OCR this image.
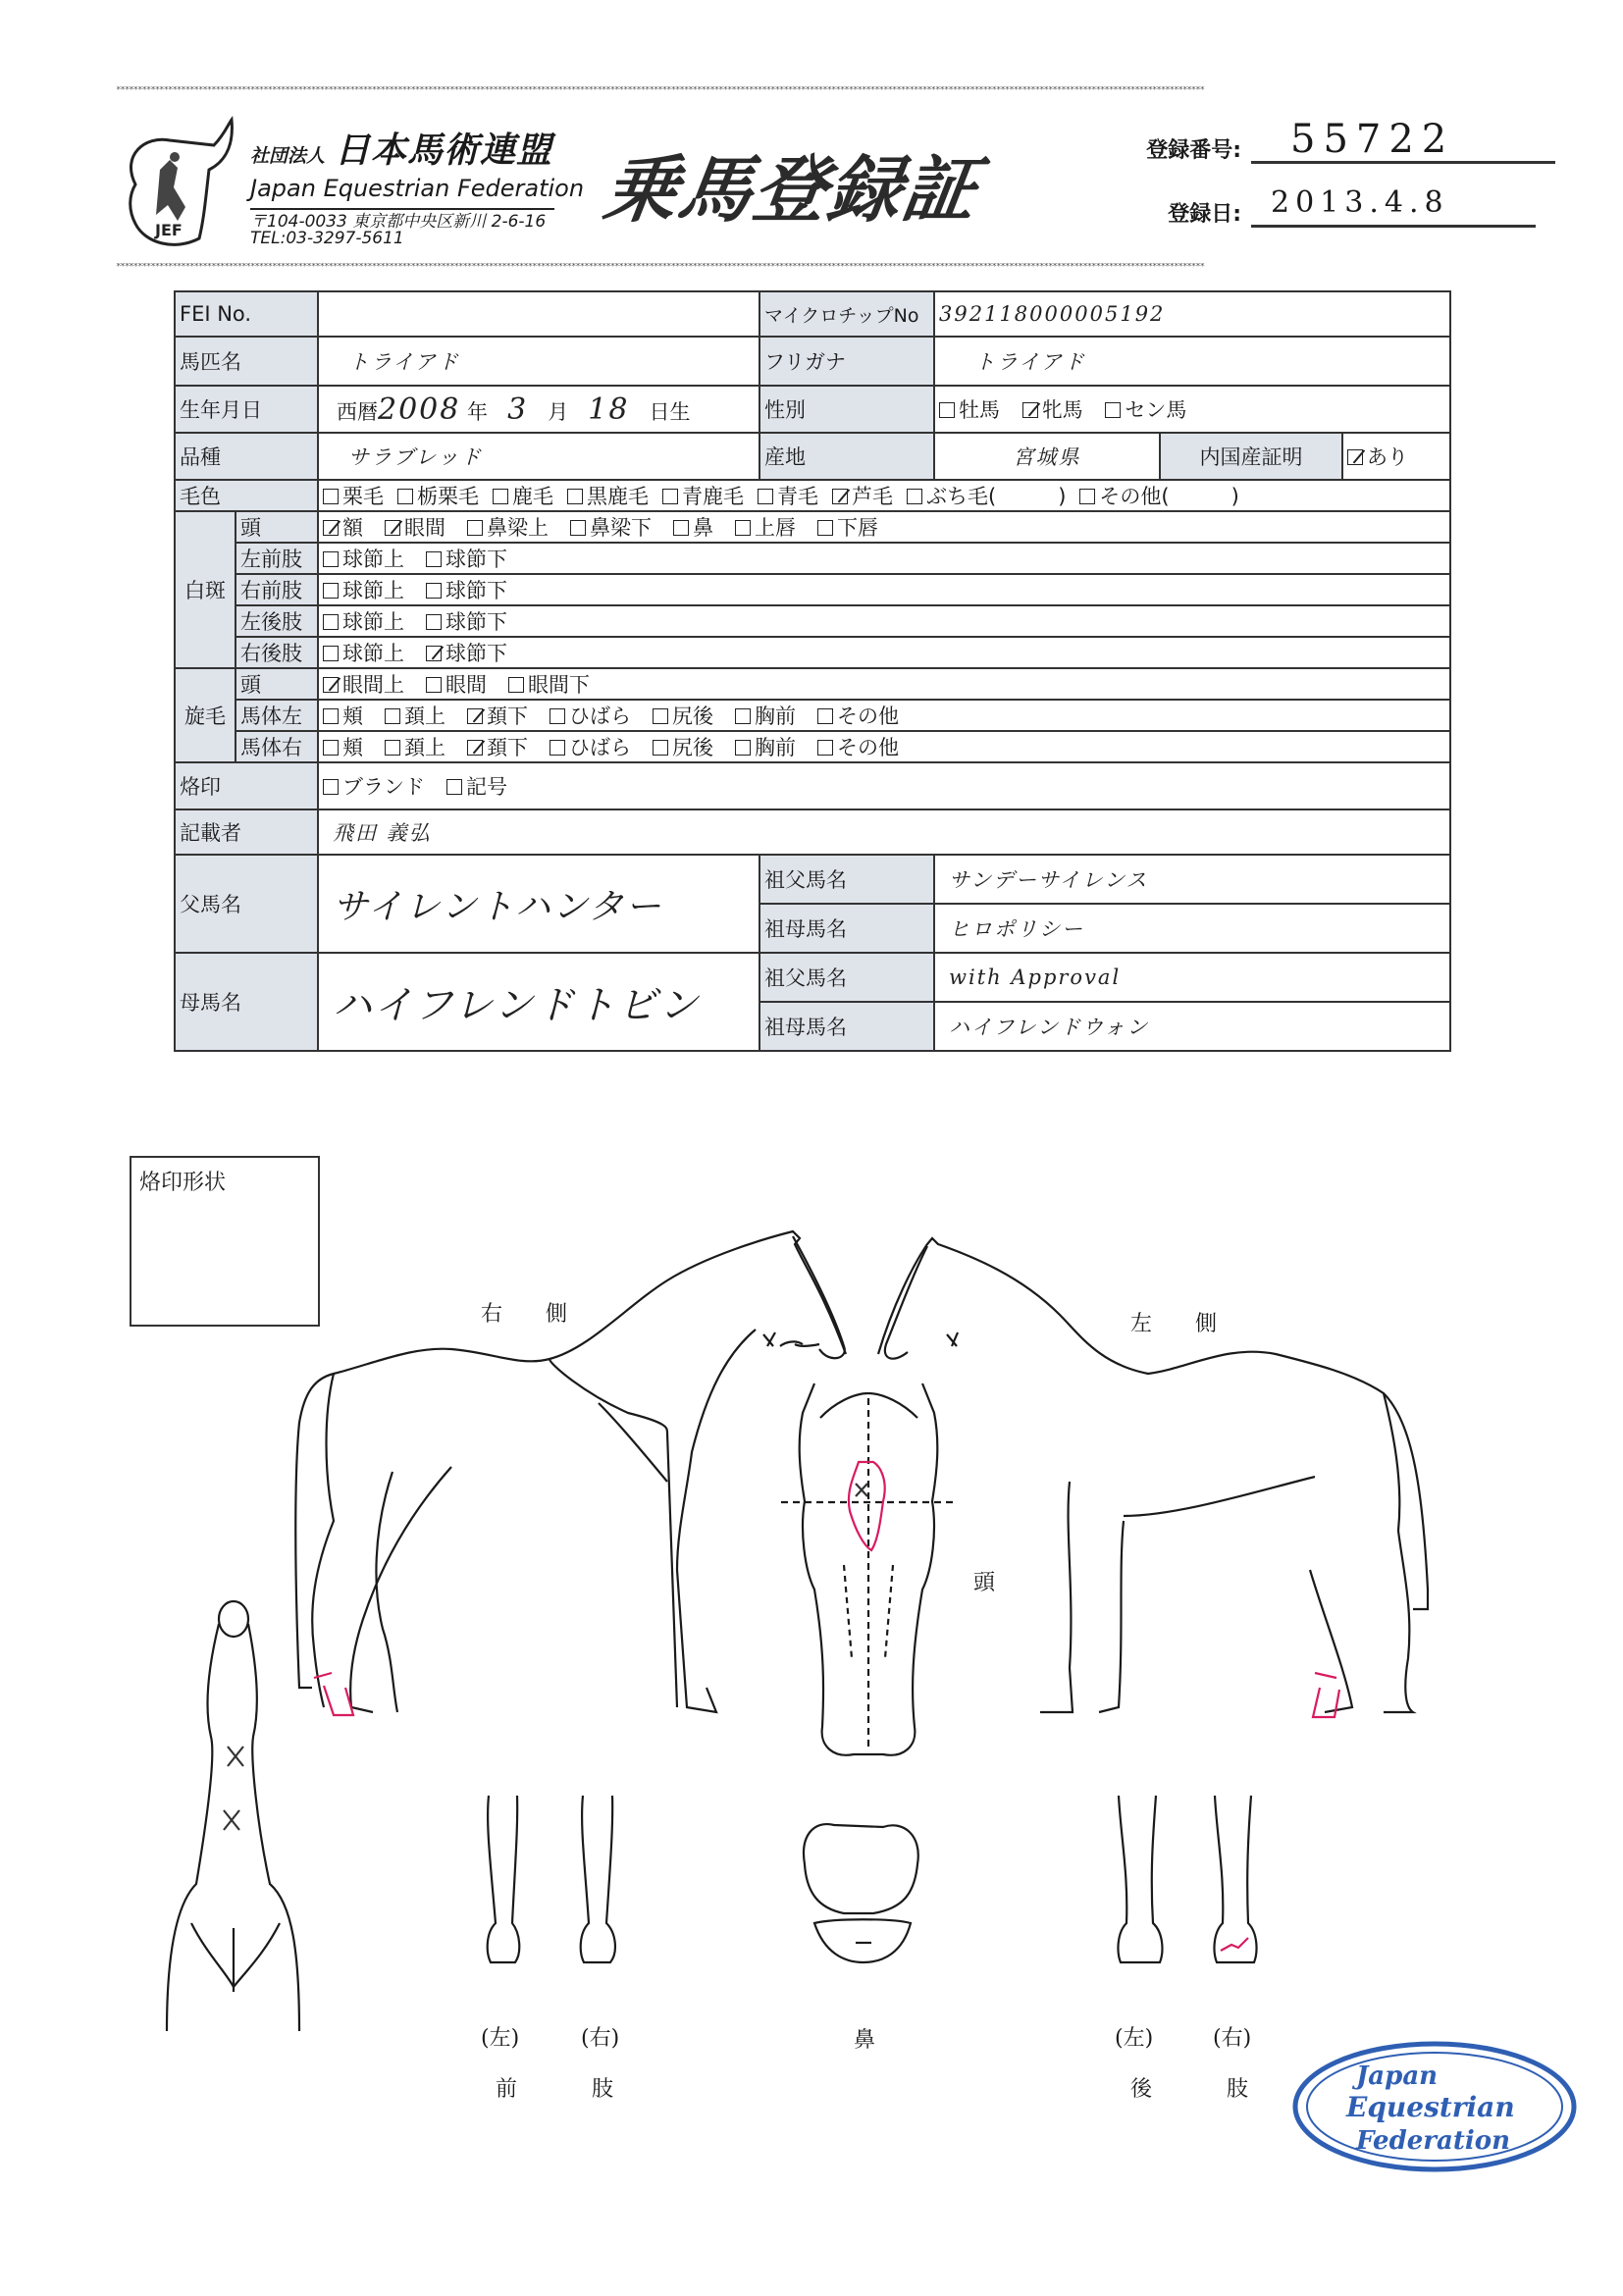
***********************************************************************************************************************************************************************************************************************************************************
***********************************************************************************************************************************************************************************************************************************************************
JEF
社団法人 日本馬術連盟
Japan Equestrian Federation
〒104-0033 東京都中央区新川 2-6-16
TEL:03-3297-5611
乗馬登録証	登録番号:	55722
登録日:	2013.4.8
FEI No.			マイクロチップNo	392118000005192		
馬匹名		トライアド	フリガナ	トライアド		
生年月日		西暦2008 年 3 月 18 日生	性別	牡馬 牝馬 セン馬		
品種		サラブレッド	産地	宮城県	内国産証明	あり
毛色		栗毛 栃栗毛 鹿毛 黒鹿毛 青鹿毛 青毛 芦毛 ぶち毛(　　　) その他(　　　)				
白斑	頭	額 眼間 鼻梁上 鼻梁下 鼻 上唇 下唇				
	左前肢	球節上 球節下				
	右前肢	球節上 球節下				
	左後肢	球節上 球節下				
	右後肢	球節上 球節下				
旋毛	頭	眼間上 眼間 眼間下				
	馬体左	頬 頚上 頚下 ひばら 尻後 胸前 その他				
	馬体右	頬 頚上 頚下 ひばら 尻後 胸前 その他				
烙印		ブランド 記号				
記載者		飛田 義弘				
父馬名		サイレントハンター	祖父馬名	サンデーサイレンス		
			祖母馬名	ヒロポリシー		
母馬名		ハイフレンドトビン	祖父馬名	with Approval		
			祖母馬名	ハイフレンドウォン		
烙印形状
右　　側	左　　側
頭
鼻
(左)	(右)
前	肢
(左)	(右)
後	肢	Japan
Equestrian
Federation
